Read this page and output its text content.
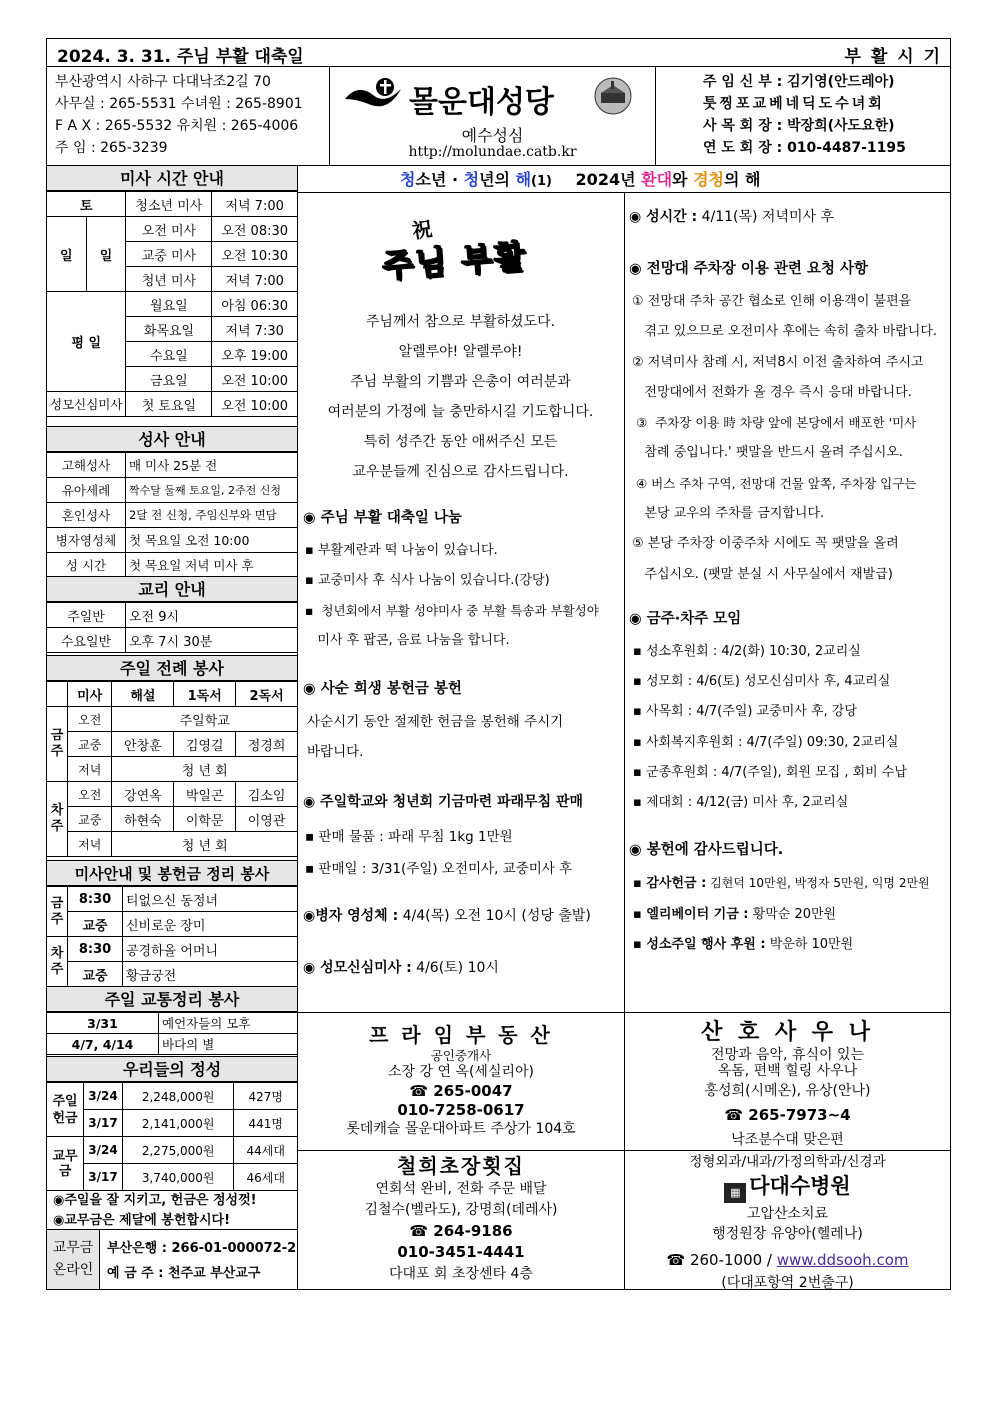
2024. 3. 31. 주님 부활 대축일	부 활 시 기
부산광역시 사하구 다대낙조2길 70
사무실 : 265-5531 수녀원 : 265-8901
F A X : 265-5532 유치원 : 265-4006
주 임 : 265-3239
몰운대성당
예수성심
http://molundae.catb.kr
주 임 신 부 : 김기영(안드레아)
툿찡포교베네딕도수녀회
사 목 회 장 : 박장희(사도요한)
연 도 회 장 : 010-4487-1195
미사 시간 안내
토		청소년 미사	저녁 7:00
일	일	오전 미사	오전 08:30
		교중 미사	오전 10:30
		청년 미사	저녁 7:00
평 일		월요일	아침 06:30
		화목요일	저녁 7:30
		수요일	오후 19:00
		금요일	오전 10:00
성모신심미사		첫 토요일	오전 10:00
성사 안내
고해성사	매 미사 25분 전
유아세례	짝수달 둘째 토요일, 2주전 신청
혼인성사	2달 전 신청, 주임신부와 면담
병자영성체	첫 목요일 오전 10:00
성 시간	첫 목요일 저녁 미사 후
교리 안내
주일반	오전 9시
수요일반	오후 7시 30분
주일 전례 봉사
	미사	해설	1독서	2독서
금주	오전	주일학교		
	교중	안창훈	김영길	정경희
	저녁	청 년 회		
차주	오전	강연옥	박일곤	김소임
	교중	하현숙	이학문	이영관
	저녁	청 년 회		
미사안내 및 봉헌금 정리 봉사
금주	8:30	티없으신 동정녀
	교중	신비로운 장미
차주	8:30	공경하올 어머니
	교중	황금궁전
주일 교통정리 봉사
3/31	예언자들의 모후
4/7, 4/14	바다의 별
우리들의 정성
주일
헌금	3/24	2,248,000원	427명
	3/17	2,141,000원	441명
교무금	3/24	2,275,000원	44세대
	3/17	3,740,000원	46세대
◉주일을 잘 지키고, 헌금은 정성껏!
◉교무금은 제달에 봉헌합시다!
교무금
온라인
부산은행 : 266-01-000072-2
예 금 주 : 천주교 부산교구
청소년 · 청년의 해(1) 2024년 환대와 경청의 해
祝
주님 부활
주님께서 참으로 부활하셨도다.
알렐루야! 알렐루야!
주님 부활의 기쁨과 은총이 여러분과
여러분의 가정에 늘 충만하시길 기도합니다.
특히 성주간 동안 애써주신 모든
교우분들께 진심으로 감사드립니다.
◉ 주님 부활 대축일 나눔
▪ 부활계란과 떡 나눔이 있습니다.
▪ 교중미사 후 식사 나눔이 있습니다.(강당)
▪  청년회에서 부활 성야미사 중 부활 특송과 부활성야
미사 후 팝콘, 음료 나눔을 합니다.
◉ 사순 희생 봉헌금 봉헌
사순시기 동안 절제한 헌금을 봉헌해 주시기
바랍니다.
◉ 주일학교와 청년회 기금마련 파래무침 판매
▪ 판매 물품 : 파래 무침 1kg 1만원
▪ 판매일 : 3/31(주일) 오전미사, 교중미사 후
◉병자 영성체 : 4/4(목) 오전 10시 (성당 출발)
◉ 성모신심미사 : 4/6(토) 10시
◉ 성시간 : 4/11(목) 저녁미사 후
◉ 전망대 주차장 이용 관련 요청 사항
① 전망대 주차 공간 협소로 인해 이용객이 불편을
겪고 있으므로 오전미사 후에는 속히 출차 바랍니다.
② 저녁미사 참례 시, 저녁8시 이전 출차하여 주시고
전망대에서 전화가 올 경우 즉시 응대 바랍니다.
③  주차장 이용 時 차량 앞에 본당에서 배포한 '미사
참례 중입니다.' 팻말을 반드시 올려 주십시오.
④ 버스 주차 구역, 전망대 건물 앞쪽, 주차장 입구는
본당 교우의 주차를 금지합니다.
⑤ 본당 주차장 이중주차 시에도 꼭 팻말을 올려
주십시오. (팻말 분실 시 사무실에서 재발급)
◉ 금주·차주 모임
▪ 성소후원회 : 4/2(화) 10:30, 2교리실
▪ 성모회 : 4/6(토) 성모신심미사 후, 4교리실
▪ 사목회 : 4/7(주일) 교중미사 후, 강당
▪ 사회복지후원회 : 4/7(주일) 09:30, 2교리실
▪ 군종후원회 : 4/7(주일), 회원 모집 , 회비 수납
▪ 제대회 : 4/12(금) 미사 후, 2교리실
◉ 봉헌에 감사드립니다.
▪ 감사헌금 : 김현덕 10만원, 박정자 5만원, 익명 2만원
▪ 엘리베이터 기금 : 황막순 20만원
▪ 성소주일 행사 후원 : 박운하 10만원
프 라 임 부 동 산
공인중개사
소장 강 연 옥(세실리아)
☎ 265-0047
010-7258-0617
롯데캐슬 몰운대아파트 주상가 104호
산 호 사 우 나
전망과 음악, 휴식이 있는
옥돔, 편백 힐링 사우나
홍성희(시메온), 유상(안나)
☎ 265-7973~4
낙조분수대 맞은편
철희초장횟집
연회석 완비, 전화 주문 배달
김철수(벨라도), 강명희(데레사)
☎ 264-9186
010-3451-4441
다대포 회 초장센타 4층
정형외과/내과/가정의학과/신경과
▦ 다대수병원
고압산소치료
행정원장 유양아(헬레나)
☎ 260-1000 / www.ddsooh.com
(다대포항역 2번출구)
